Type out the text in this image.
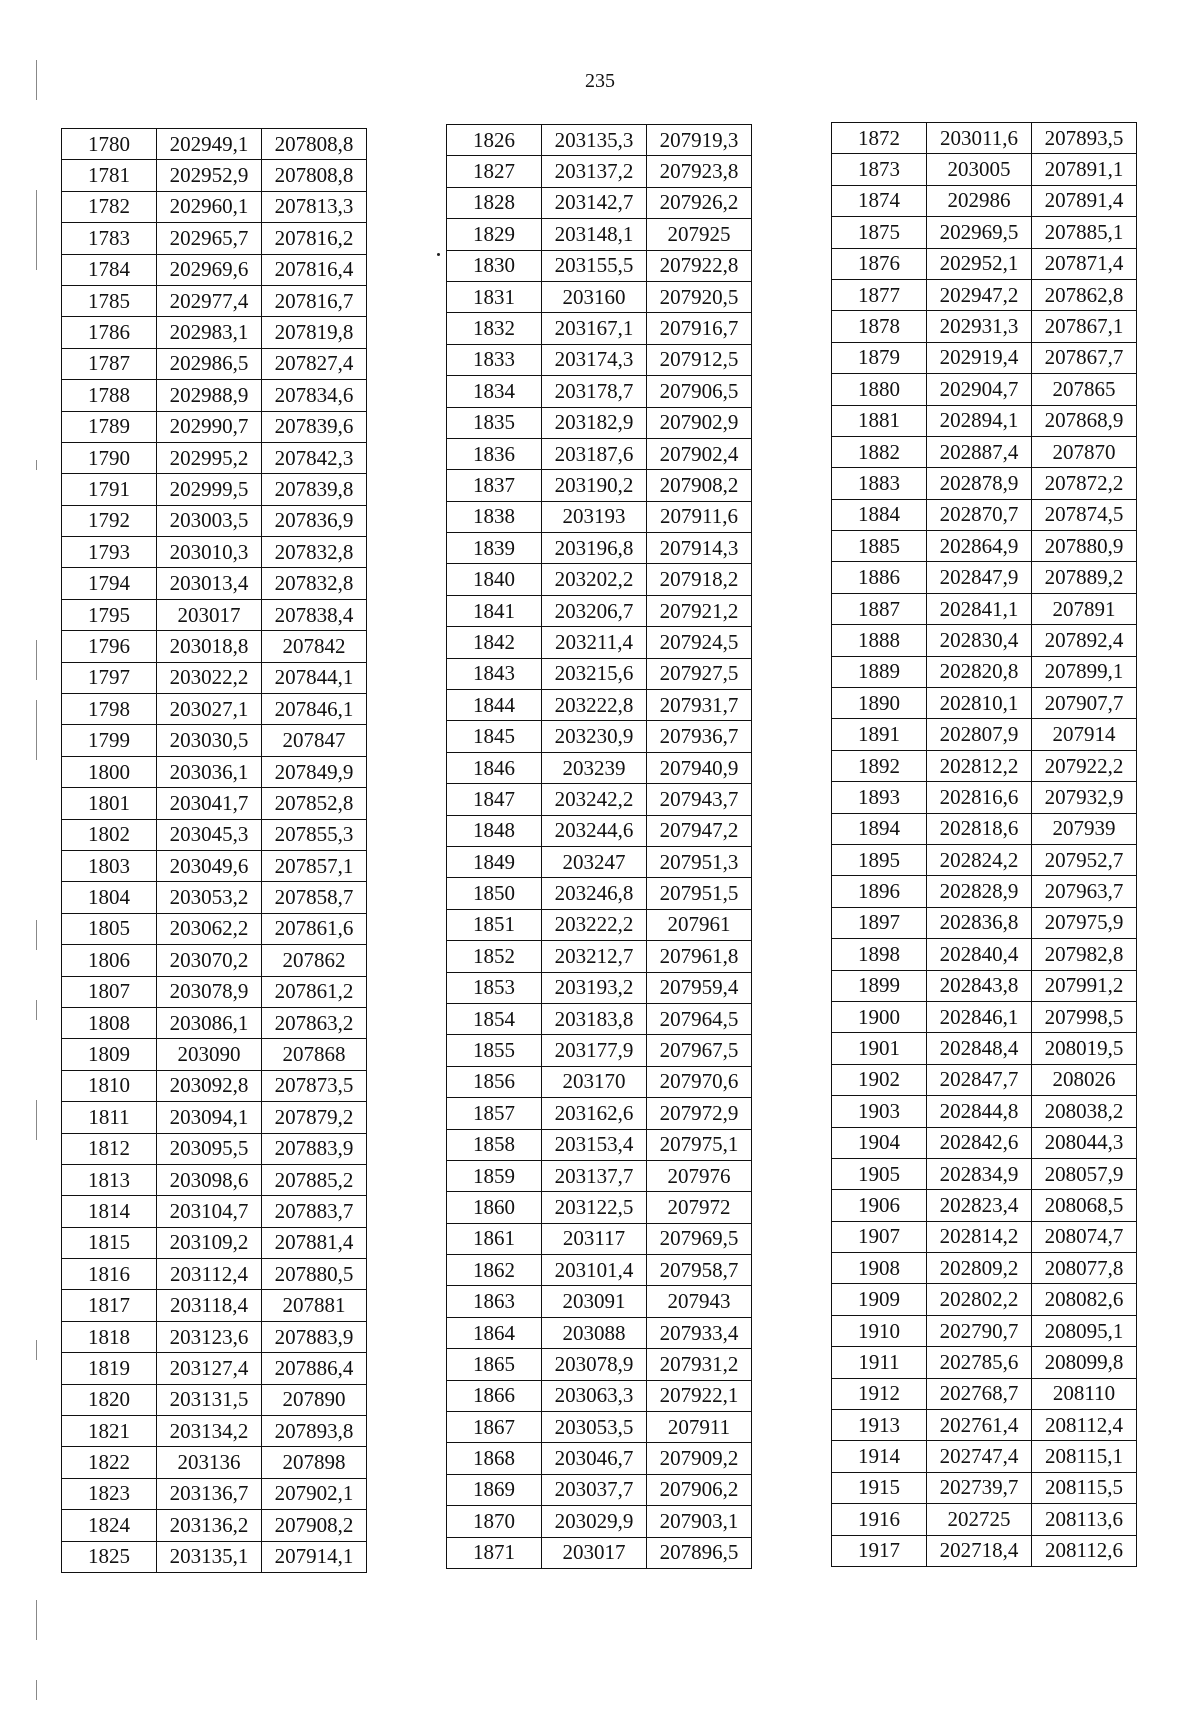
235
1780	202949,1	207808,8
1781	202952,9	207808,8
1782	202960,1	207813,3
1783	202965,7	207816,2
1784	202969,6	207816,4
1785	202977,4	207816,7
1786	202983,1	207819,8
1787	202986,5	207827,4
1788	202988,9	207834,6
1789	202990,7	207839,6
1790	202995,2	207842,3
1791	202999,5	207839,8
1792	203003,5	207836,9
1793	203010,3	207832,8
1794	203013,4	207832,8
1795	203017	207838,4
1796	203018,8	207842
1797	203022,2	207844,1
1798	203027,1	207846,1
1799	203030,5	207847
1800	203036,1	207849,9
1801	203041,7	207852,8
1802	203045,3	207855,3
1803	203049,6	207857,1
1804	203053,2	207858,7
1805	203062,2	207861,6
1806	203070,2	207862
1807	203078,9	207861,2
1808	203086,1	207863,2
1809	203090	207868
1810	203092,8	207873,5
1811	203094,1	207879,2
1812	203095,5	207883,9
1813	203098,6	207885,2
1814	203104,7	207883,7
1815	203109,2	207881,4
1816	203112,4	207880,5
1817	203118,4	207881
1818	203123,6	207883,9
1819	203127,4	207886,4
1820	203131,5	207890
1821	203134,2	207893,8
1822	203136	207898
1823	203136,7	207902,1
1824	203136,2	207908,2
1825	203135,1	207914,1
1826	203135,3	207919,3
1827	203137,2	207923,8
1828	203142,7	207926,2
1829	203148,1	207925
1830	203155,5	207922,8
1831	203160	207920,5
1832	203167,1	207916,7
1833	203174,3	207912,5
1834	203178,7	207906,5
1835	203182,9	207902,9
1836	203187,6	207902,4
1837	203190,2	207908,2
1838	203193	207911,6
1839	203196,8	207914,3
1840	203202,2	207918,2
1841	203206,7	207921,2
1842	203211,4	207924,5
1843	203215,6	207927,5
1844	203222,8	207931,7
1845	203230,9	207936,7
1846	203239	207940,9
1847	203242,2	207943,7
1848	203244,6	207947,2
1849	203247	207951,3
1850	203246,8	207951,5
1851	203222,2	207961
1852	203212,7	207961,8
1853	203193,2	207959,4
1854	203183,8	207964,5
1855	203177,9	207967,5
1856	203170	207970,6
1857	203162,6	207972,9
1858	203153,4	207975,1
1859	203137,7	207976
1860	203122,5	207972
1861	203117	207969,5
1862	203101,4	207958,7
1863	203091	207943
1864	203088	207933,4
1865	203078,9	207931,2
1866	203063,3	207922,1
1867	203053,5	207911
1868	203046,7	207909,2
1869	203037,7	207906,2
1870	203029,9	207903,1
1871	203017	207896,5
1872	203011,6	207893,5
1873	203005	207891,1
1874	202986	207891,4
1875	202969,5	207885,1
1876	202952,1	207871,4
1877	202947,2	207862,8
1878	202931,3	207867,1
1879	202919,4	207867,7
1880	202904,7	207865
1881	202894,1	207868,9
1882	202887,4	207870
1883	202878,9	207872,2
1884	202870,7	207874,5
1885	202864,9	207880,9
1886	202847,9	207889,2
1887	202841,1	207891
1888	202830,4	207892,4
1889	202820,8	207899,1
1890	202810,1	207907,7
1891	202807,9	207914
1892	202812,2	207922,2
1893	202816,6	207932,9
1894	202818,6	207939
1895	202824,2	207952,7
1896	202828,9	207963,7
1897	202836,8	207975,9
1898	202840,4	207982,8
1899	202843,8	207991,2
1900	202846,1	207998,5
1901	202848,4	208019,5
1902	202847,7	208026
1903	202844,8	208038,2
1904	202842,6	208044,3
1905	202834,9	208057,9
1906	202823,4	208068,5
1907	202814,2	208074,7
1908	202809,2	208077,8
1909	202802,2	208082,6
1910	202790,7	208095,1
1911	202785,6	208099,8
1912	202768,7	208110
1913	202761,4	208112,4
1914	202747,4	208115,1
1915	202739,7	208115,5
1916	202725	208113,6
1917	202718,4	208112,6
